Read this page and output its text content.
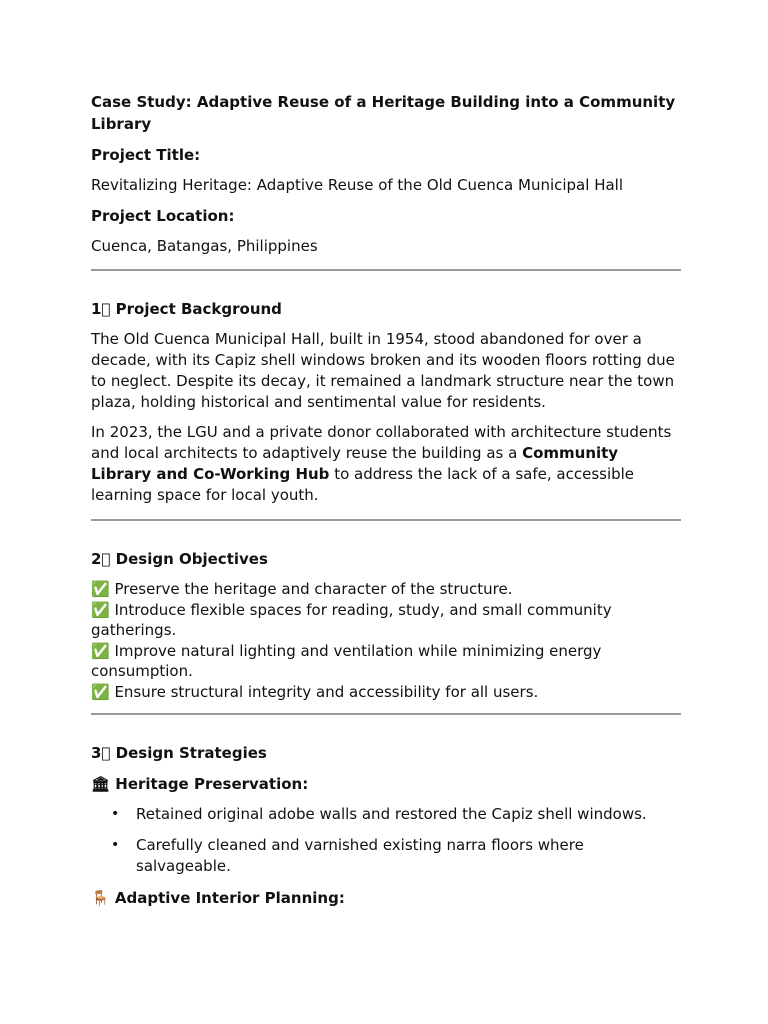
Case Study: Adaptive Reuse of a Heritage Building into a Community Library
Project Title:
Revitalizing Heritage: Adaptive Reuse of the Old Cuenca Municipal Hall
Project Location:
Cuenca, Batangas, Philippines
1⃣ Project Background
The Old Cuenca Municipal Hall, built in 1954, stood abandoned for over a decade, with its Capiz shell windows broken and its wooden floors rotting due to neglect. Despite its decay, it remained a landmark structure near the town plaza, holding historical and sentimental value for residents.
In 2023, the LGU and a private donor collaborated with architecture students and local architects to adaptively reuse the building as a Community Library and Co-Working Hub to address the lack of a safe, accessible learning space for local youth.
2⃣ Design Objectives
✅ Preserve the heritage and character of the structure.
✅ Introduce flexible spaces for reading, study, and small community gatherings.
✅ Improve natural lighting and ventilation while minimizing energy consumption.
✅ Ensure structural integrity and accessibility for all users.
3⃣ Design Strategies
🏛 Heritage Preservation:
• Retained original adobe walls and restored the Capiz shell windows.
• Carefully cleaned and varnished existing narra floors where salvageable.
🪑 Adaptive Interior Planning:
